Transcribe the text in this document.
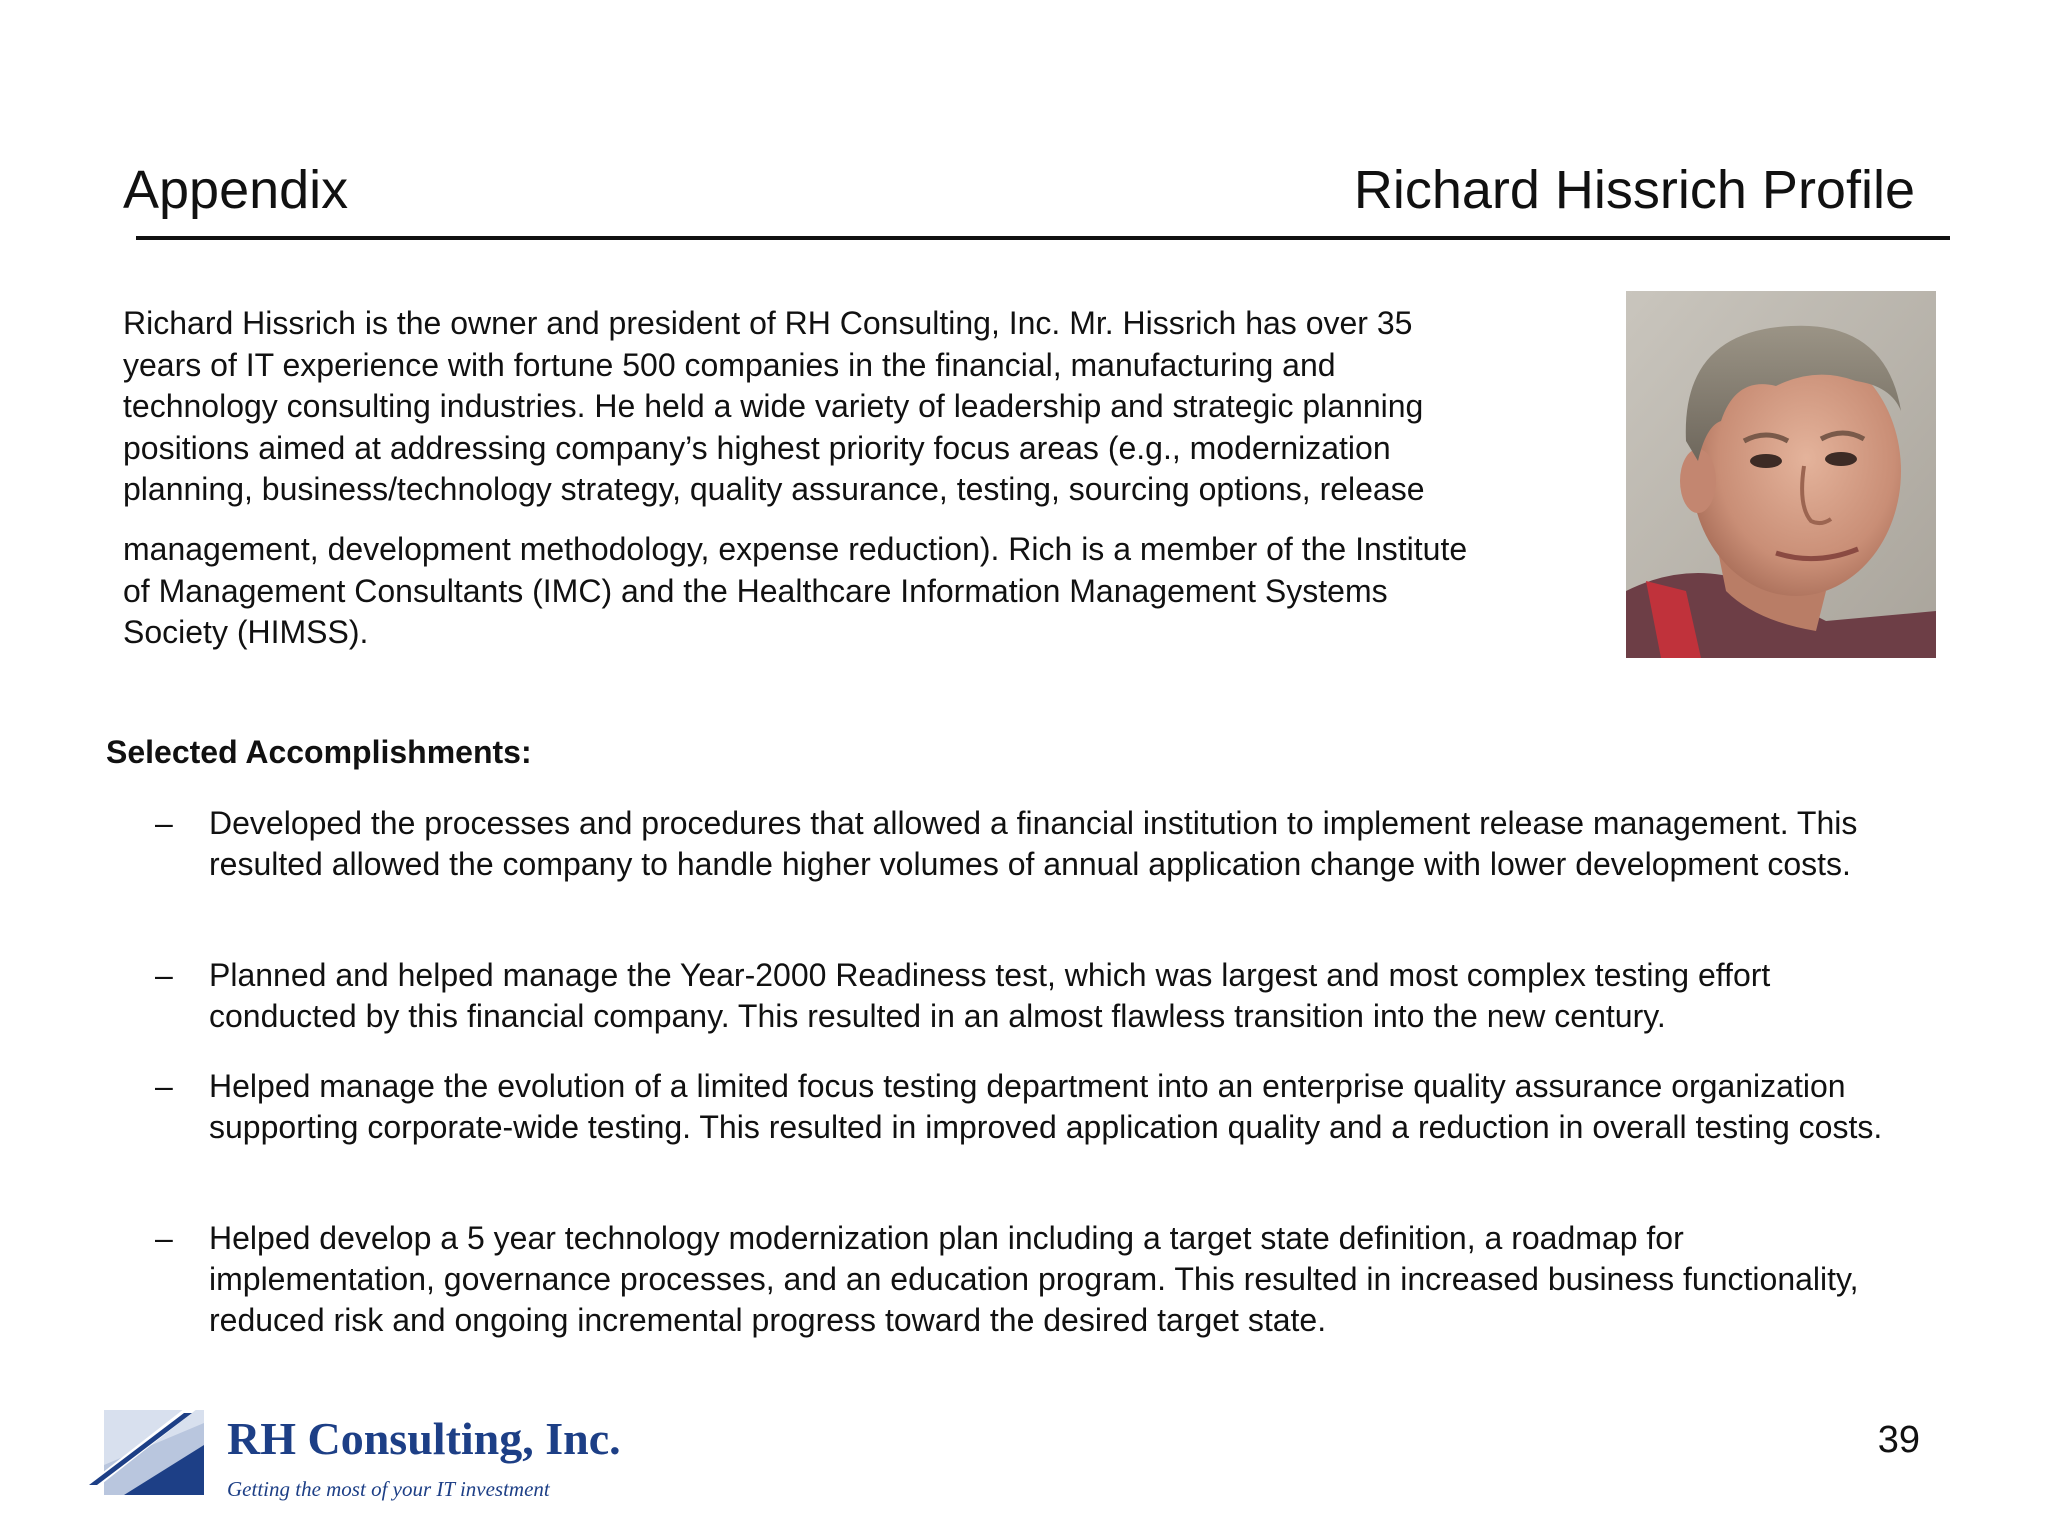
Appendix	Richard Hissrich Profile

Richard Hissrich is the owner and president of RH Consulting, Inc. Mr. Hissrich has over 35

years of IT experience with fortune 500 companies in the financial, manufacturing and

technology consulting industries. He held a wide variety of leadership and strategic planning

positions aimed at addressing company’s highest priority focus areas (e.g., modernization

planning, business/technology strategy, quality assurance, testing, sourcing options, release

management, development methodology, expense reduction). Rich is a member of the Institute

of Management Consultants (IMC) and the Healthcare Information Management Systems

Society (HIMSS).

Selected Accomplishments:
–	Developed the processes and procedures that allowed a financial institution to implement release management. This resulted allowed the company to handle higher volumes of annual application change with lower development costs.
–	Planned and helped manage the Year-2000 Readiness test, which was largest and most complex testing effort conducted by this financial company. This resulted in an almost flawless transition into the new century.
–	Helped manage the evolution of a limited focus testing department into an enterprise quality assurance organization supporting corporate-wide testing. This resulted in improved application quality and a reduction in overall testing costs.
–	Helped develop a 5 year technology modernization plan including a target state definition, a roadmap for implementation, governance processes, and an education program. This resulted in increased business functionality, reduced risk and ongoing incremental progress toward the desired target state.
RH Consulting, Inc.
Getting the most of your IT investment
39
